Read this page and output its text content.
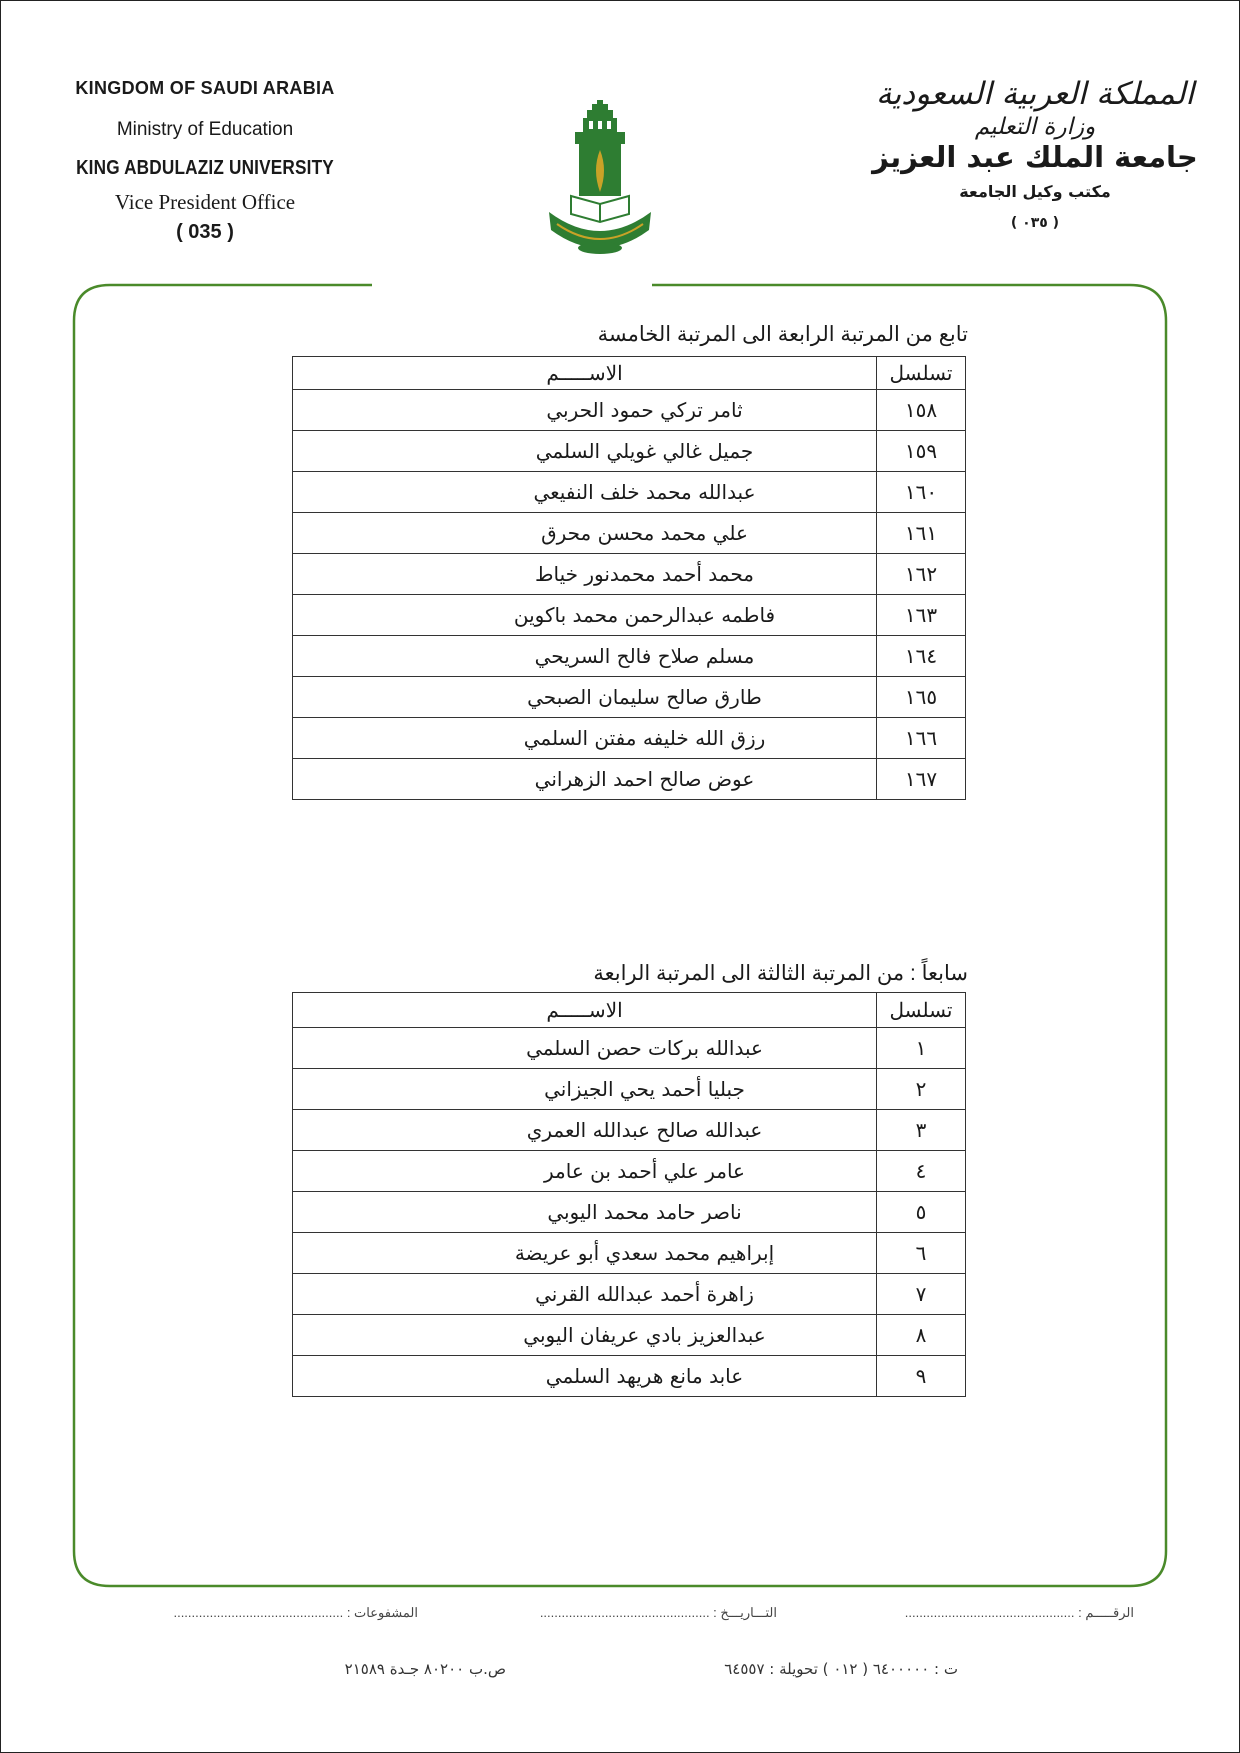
KINGDOM OF SAUDI ARABIA
Ministry of Education
KING ABDULAZIZ UNIVERSITY
Vice President Office
( 035 )
المملكة العربية السعودية
وزارة التعليم
جامعة الملك عبد العزيز
مكتب وكيل الجامعة
( ٠٣٥ )
تابع من المرتبة الرابعة الى المرتبة الخامسة
تسلسل	الاســـــم
١٥٨	ثامر تركي حمود الحربي
١٥٩	جميل غالي غويلي السلمي
١٦٠	عبدالله محمد خلف النفيعي
١٦١	علي محمد محسن محرق
١٦٢	محمد أحمد محمدنور خياط
١٦٣	فاطمه عبدالرحمن محمد باكوين
١٦٤	مسلم صلاح فالح السريحي
١٦٥	طارق صالح سليمان الصبحي
١٦٦	رزق الله خليفه مفتن السلمي
١٦٧	عوض صالح احمد الزهراني
سابعاً : من المرتبة الثالثة الى المرتبة الرابعة
تسلسل	الاســـــم
١	عبدالله بركات حصن السلمي
٢	جبليا أحمد يحي الجيزاني
٣	عبدالله صالح عبدالله العمري
٤	عامر علي أحمد بن عامر
٥	ناصر حامد محمد اليوبي
٦	إبراهيم محمد سعدي أبو عريضة
٧	زاهرة أحمد عبدالله القرني
٨	عبدالعزيز بادي عريفان اليوبي
٩	عابد مانع هريهد السلمي
الرقـــــم : ...............................................
التـــاريـــخ : ...............................................
المشفوعات : ...............................................
ت : ٦٤٠٠٠٠٠ ( ٠١٢ ) تحويلة : ٦٤٥٥٧
ص.ب ٨٠٢٠٠ جـدة ٢١٥٨٩
